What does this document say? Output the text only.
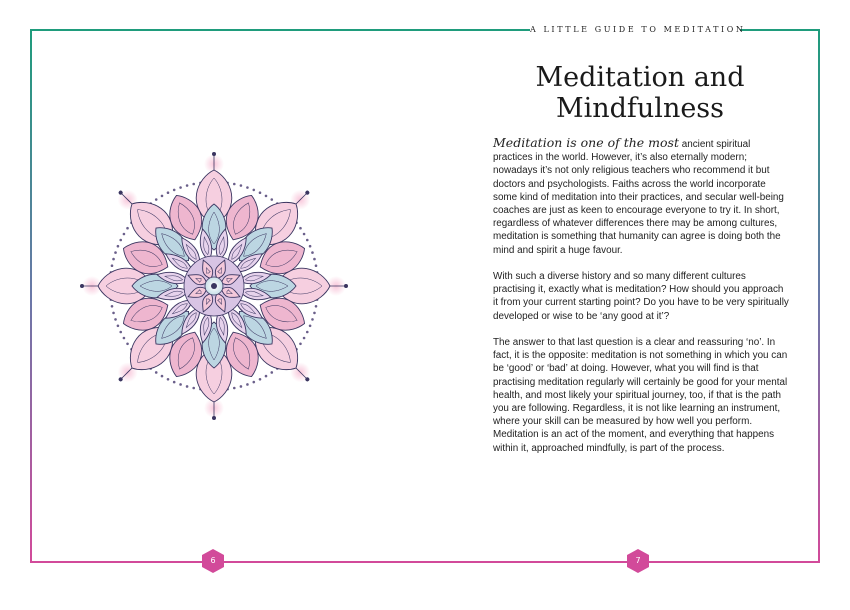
A LITTLE GUIDE TO MEDITATION
Meditation and Mindfulness

Meditation is one of the most ancient spiritual practices in the world. However, it’s also eternally modern; nowadays it’s not only religious teachers who recommend it but doctors and psychologists. Faiths across the world incorporate some kind of meditation into their practices, and secular well-being coaches are just as keen to encourage everyone to try it. In short, regardless of whatever differences there may be among cultures, meditation is something that humanity can agree is doing both the mind and spirit a huge favour.

With such a diverse history and so many different cultures practising it, exactly what is meditation? How should you approach it from your current starting point? Do you have to be very spiritually developed or wise to be ‘any good at it’?

The answer to that last question is a clear and reassuring ‘no’. In fact, it is the opposite: meditation is not something in which you can be ‘good’ or ‘bad’ at doing. However, what you will find is that practising meditation regularly will certainly be good for your mental health, and most likely your spiritual journey, too, if that is the path you are following. Regardless, it is not like learning an instrument, where your skill can be measured by how well you perform. Meditation is an act of the moment, and everything that happens within it, approached mindfully, is part of the process.

6	7
